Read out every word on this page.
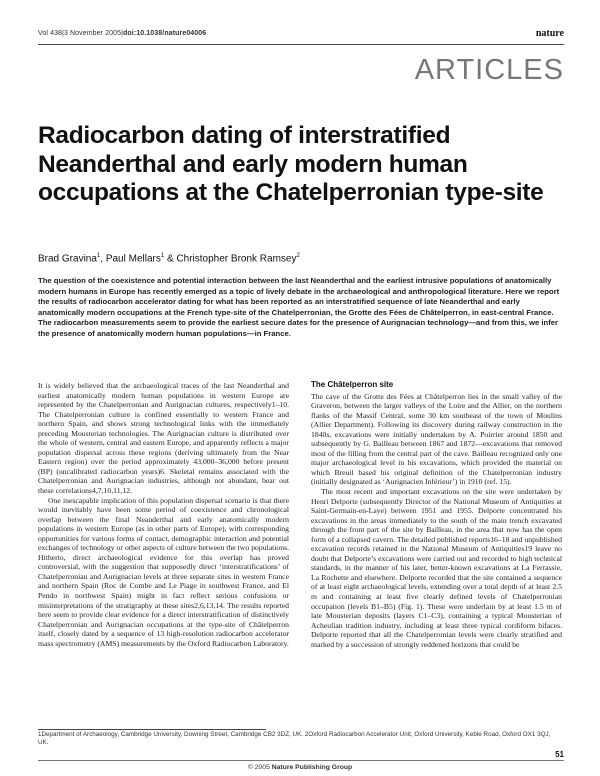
Vol 438|3 November 2005|doi:10.1038/nature04006	nature
ARTICLES
Radiocarbon dating of interstratified Neanderthal and early modern human occupations at the Chatelperronian type-site
Brad Gravina$^1$, Paul Mellars$^1$ & Christopher Bronk Ramsey$^2$
The question of the coexistence and potential interaction between the last Neanderthal and the earliest intrusive populations of anatomically modern humans in Europe has recently emerged as a topic of lively debate in the archaeological and anthropological literature. Here we report the results of radiocarbon accelerator dating for what has been reported as an interstratified sequence of late Neanderthal and early anatomically modern occupations at the French type-site of the Chatelperronian, the Grotte des Fées de Châtelperron, in east-central France. The radiocarbon measurements seem to provide the earliest secure dates for the presence of Aurignacian technology—and from this, we infer the presence of anatomically modern human populations—in France.

It is widely believed that the archaeological traces of the last Neanderthal and earliest anatomically modern human populations in western Europe are represented by the Chatelperronian and Aurignacian cultures, respectively1–10. The Chatelperronian culture is confined essentially to western France and northern Spain, and shows strong technological links with the immediately preceding Mousterian technologies. The Aurignacian culture is distributed over the whole of western, central and eastern Europe, and apparently reflects a major population dispersal across these regions (deriving ultimately from the Near Eastern region) over the period approximately 43,000–36,000 before present (BP) (uncalibrated radiocarbon years)6. Skeletal remains associated with the Chatelperronian and Aurignacian industries, although not abundant, bear out these correlations4,7,10,11,12.

One inescapable implication of this population dispersal scenario is that there would inevitably have been some period of coexistence and chronological overlap between the final Neanderthal and early anatomically modern populations in western Europe (as in other parts of Europe), with corresponding opportunities for various forms of contact, demographic interaction and potential exchanges of technology or other aspects of culture between the two populations. Hitherto, direct archaeological evidence for this overlap has proved controversial, with the suggestion that supposedly direct ‘interstratifications’ of Chatelperronian and Aurignacian levels at three separate sites in western France and northern Spain (Roc de Combe and Le Piage in southwest France, and El Pendo in northwest Spain) might in fact reflect serious confusions or misinterpretations of the stratigraphy at these sites2,6,13,14. The results reported here seem to provide clear evidence for a direct interstratification of distinctively Chatelperronian and Aurignacian occupations at the type-site of Châtelperron itself, closely dated by a sequence of 13 high-resolution radiocarbon accelerator mass spectrometry (AMS) measurements by the Oxford Radiocarbon Laboratory.

The Châtelperron site

The cave of the Grotte des Fées at Châtelperron lies in the small valley of the Graveron, between the larger valleys of the Loire and the Allier, on the northern flanks of the Massif Central, some 30 km southeast of the town of Moulins (Allier Department). Following its discovery during railway construction in the 1840s, excavations were initially undertaken by A. Poirrier around 1850 and subsequently by G. Bailleau between 1867 and 1872—excavations that removed most of the filling from the central part of the cave. Bailleau recognized only one major archaeological level in his excavations, which provided the material on which Breuil based his original definition of the Chatelperronian industry (initially designated as ‘Aurignacien Inférieur’) in 1910 (ref. 15).

The most recent and important excavations on the site were undertaken by Henri Delporte (subsequently Director of the National Museum of Antiquities at Saint-Germain-en-Laye) between 1951 and 1955. Delporte concentrated his excavations in the areas immediately to the south of the main trench excavated through the front part of the site by Bailleau, in the area that now has the open form of a collapsed cavern. The detailed published reports16–18 and unpublished excavation records retained in the National Museum of Antiquities19 leave no doubt that Delporte’s excavations were carried out and recorded to high technical standards, in the manner of his later, better-known excavations at La Ferrassie, La Rochette and elsewhere. Delporte recorded that the site contained a sequence of at least eight archaeological levels, extending over a total depth of at least 2.5 m and containing at least five clearly defined levels of Chatelperronian occupation (levels B1–B5) (Fig. 1). These were underlain by at least 1.5 m of late Mousterian deposits (layers C1–C3), containing a typical Mousterian of Acheulian tradition industry, including at least three typical cordiform bifaces. Delporte reported that all the Chatelperronian levels were clearly stratified and marked by a succession of strongly reddened horizons that could be

1Department of Archaeology, Cambridge University, Downing Street, Cambridge CB2 3DZ, UK. 2Oxford Radiocarbon Accelerator Unit, Oxford University, Keble Road, Oxford OX1 3QJ, UK.
51
© 2005 Nature Publishing Group
